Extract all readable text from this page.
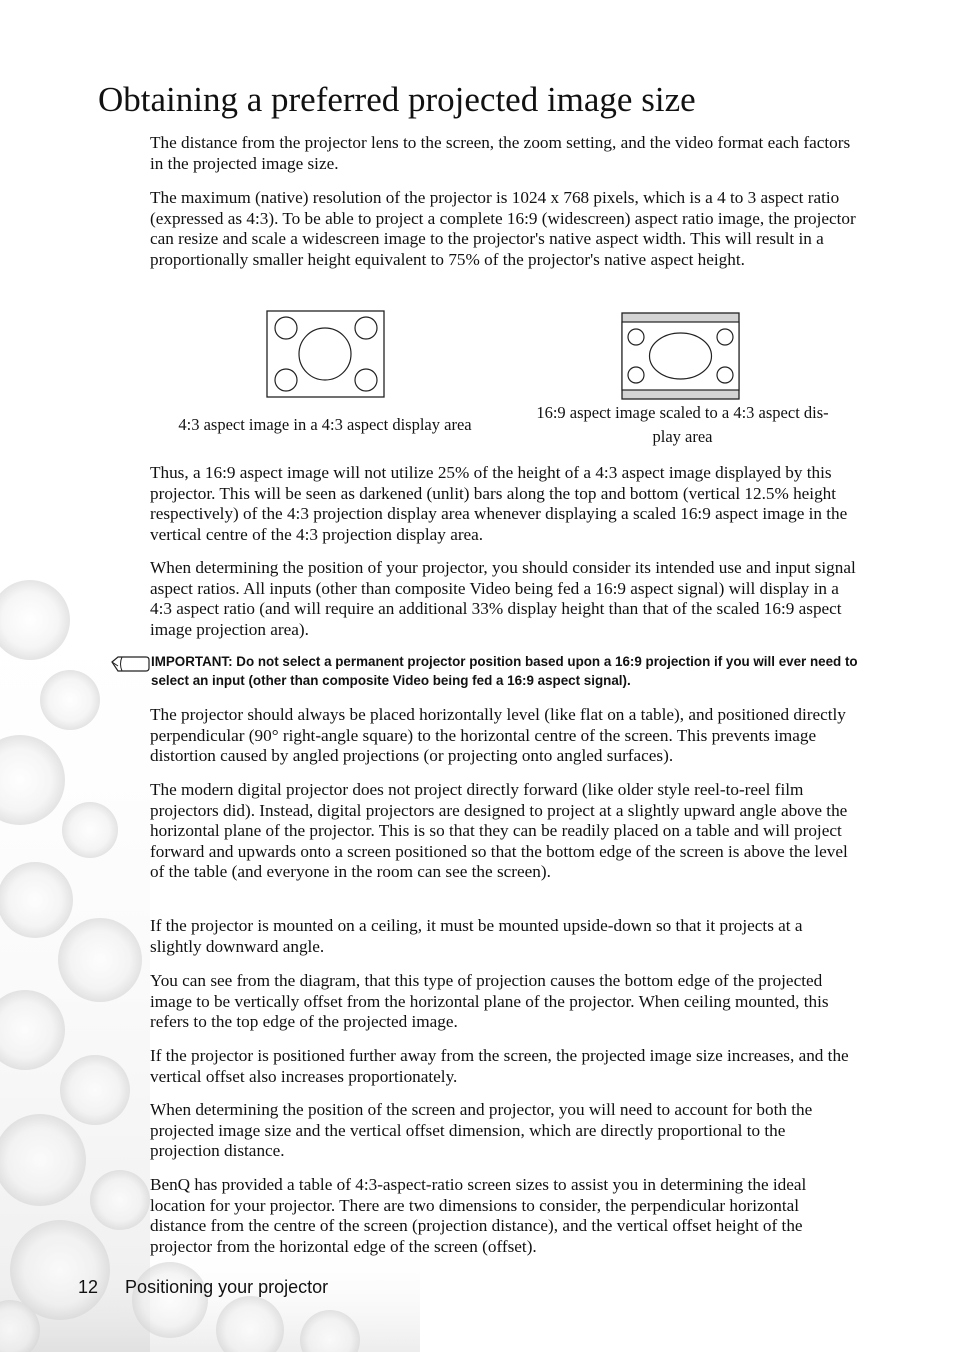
Obtaining a preferred projected image size

The distance from the projector lens to the screen, the zoom setting, and the video format each factors in the projected image size.

The maximum (native) resolution of the projector is 1024 x 768 pixels, which is a 4 to 3 aspect ratio (expressed as 4:3). To be able to project a complete 16:9 (widescreen) aspect ratio image, the projector can resize and scale a widescreen image to the projector's native aspect width. This will result in a proportionally smaller height equivalent to 75% of the projector's native aspect height.

4:3 aspect image in a 4:3 aspect display area
16:9 aspect image scaled to a 4:3 aspect dis-
play area

Thus, a 16:9 aspect image will not utilize 25% of the height of a 4:3 aspect image displayed by this projector. This will be seen as darkened (unlit) bars along the top and bottom (vertical 12.5% height respectively) of the 4:3 projection display area whenever displaying a scaled 16:9 aspect image in the vertical centre of the 4:3 projection display area.

When determining the position of your projector, you should consider its intended use and input signal aspect ratios. All inputs (other than composite Video being fed a 16:9 aspect signal) will display in a 4:3 aspect ratio (and will require an additional 33% display height than that of the scaled 16:9 aspect image projection area).

IMPORTANT: Do not select a permanent projector position based upon a 16:9 projection if you will ever need to select an input (other than composite Video being fed a 16:9 aspect signal).

The projector should always be placed horizontally level (like flat on a table), and positioned directly perpendicular (90° right-angle square) to the horizontal centre of the screen. This prevents image distortion caused by angled projections (or projecting onto angled surfaces).

The modern digital projector does not project directly forward (like older style reel-to-reel film projectors did). Instead, digital projectors are designed to project at a slightly upward angle above the horizontal plane of the projector. This is so that they can be readily placed on a table and will project forward and upwards onto a screen positioned so that the bottom edge of the screen is above the level of the table (and everyone in the room can see the screen).

If the projector is mounted on a ceiling, it must be mounted upside-down so that it projects at a slightly downward angle.

You can see from the diagram, that this type of projection causes the bottom edge of the projected image to be vertically offset from the horizontal plane of the projector. When ceiling mounted, this refers to the top edge of the projected image.

If the projector is positioned further away from the screen, the projected image size increases, and the vertical offset also increases proportionately.

When determining the position of the screen and projector, you will need to account for both the projected image size and the vertical offset dimension, which are directly proportional to the projection distance.

BenQ has provided a table of 4:3-aspect-ratio screen sizes to assist you in determining the ideal location for your projector. There are two dimensions to consider, the perpendicular horizontal distance from the centre of the screen (projection distance), and the vertical offset height of the projector from the horizontal edge of the screen (offset).

12 Positioning your projector
